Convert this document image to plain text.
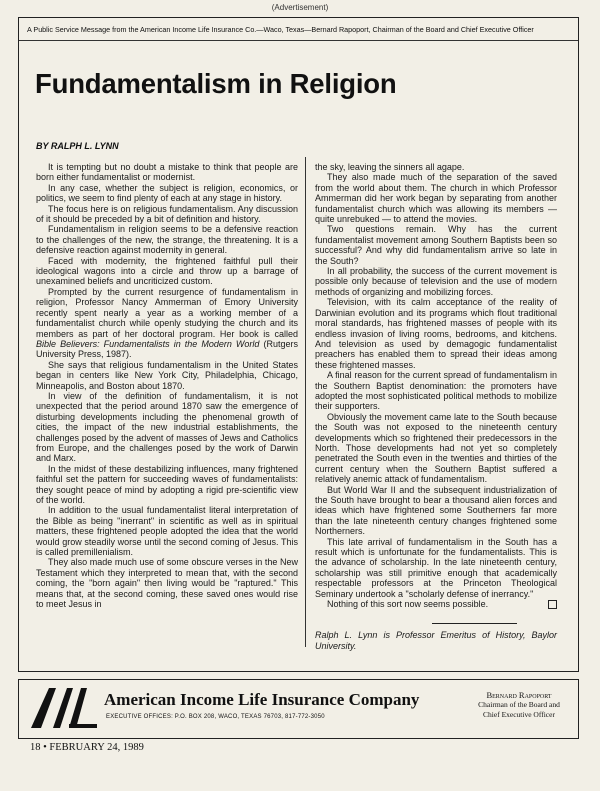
(Advertisement)
A Public Service Message from the American Income Life Insurance Co.—Waco, Texas—Bernard Rapoport, Chairman of the Board and Chief Executive Officer

Fundamentalism in Religion
BY RALPH L. LYNN

It is tempting but no doubt a mistake to think that people are born either fundamentalist or modernist.

In any case, whether the subject is religion, economics, or politics, we seem to find plenty of each at any stage in history.

The focus here is on religious fundamentalism. Any discussion of it should be preceded by a bit of definition and history.

Fundamentalism in religion seems to be a defensive reaction to the challenges of the new, the strange, the threatening. It is a defensive reaction against modernity in general.

Faced with modernity, the frightened faithful pull their ideological wagons into a circle and throw up a barrage of unexamined beliefs and uncriticized custom.

Prompted by the current resurgence of fundamentalism in religion, Professor Nancy Ammerman of Emory University recently spent nearly a year as a working member of a fundamentalist church while openly studying the church and its members as part of her doctoral program. Her book is called Bible Believers: Fundamentalists in the Modern World (Rutgers University Press, 1987).

She says that religious fundamentalism in the United States began in centers like New York City, Philadelphia, Chicago, Minneapolis, and Boston about 1870.

In view of the definition of fundamentalism, it is not unexpected that the period around 1870 saw the emergence of disturbing developments including the phenomenal growth of cities, the impact of the new industrial establishments, the challenges posed by the advent of masses of Jews and Catholics from Europe, and the challenges posed by the work of Darwin and Marx.

In the midst of these destabilizing influences, many frightened faithful set the pattern for succeeding waves of fundamentalists: they sought peace of mind by adopting a rigid pre-scientific view of the world.

In addition to the usual fundamentalist literal interpretation of the Bible as being "inerrant" in scientific as well as in spiritual matters, these frightened people adopted the idea that the world would grow steadily worse until the second coming of Jesus. This is called premillenialism.

They also made much use of some obscure verses in the New Testament which they interpreted to mean that, with the second coming, the "born again" then living would be "raptured." This means that, at the second coming, these saved ones would rise to meet Jesus in

the sky, leaving the sinners all agape.

They also made much of the separation of the saved from the world about them. The church in which Professor Ammerman did her work began by separating from another fundamentalist church which was allowing its members — quite unrebuked — to attend the movies.

Two questions remain. Why has the current fundamentalist movement among Southern Baptists been so successful? And why did fundamentalism arrive so late in the South?

In all probability, the success of the current movement is possible only because of television and the use of modern methods of organizing and mobilizing forces.

Television, with its calm acceptance of the reality of Darwinian evolution and its programs which flout traditional moral standards, has frightened masses of people with its endless invasion of living rooms, bedrooms, and kitchens. And television as used by demagogic fundamentalist preachers has enabled them to spread their ideas among these frightened masses.

A final reason for the current spread of fundamentalism in the Southern Baptist denomination: the promoters have adopted the most sophisticated political methods to mobilize their supporters.

Obviously the movement came late to the South because the South was not exposed to the nineteenth century developments which so frightened their predecessors in the North. Those developments had not yet so completely penetrated the South even in the twenties and thirties of the current century when the Southern Baptist suffered a relatively anemic attack of fundamentalism.

But World War II and the subsequent industrialization of the South have brought to bear a thousand alien forces and ideas which have frightened some Southerners far more than the late nineteenth century changes frightened some Northerners.

This late arrival of fundamentalism in the South has a result which is unfortunate for the fundamentalists. This is the advance of scholarship. In the late nineteenth century, scholarship was still primitive enough that academically respectable professors at the Princeton Theological Seminary undertook a "scholarly defense of inerrancy."

Nothing of this sort now seems possible.

Ralph L. Lynn is Professor Emeritus of History, Baylor University.

American Income Life Insurance Company
EXECUTIVE OFFICES: P.O. BOX 208, WACO, TEXAS 76703, 817-772-3050
Bernard Rapoport
Chairman of the Board and
Chief Executive Officer
18 • FEBRUARY 24, 1989
